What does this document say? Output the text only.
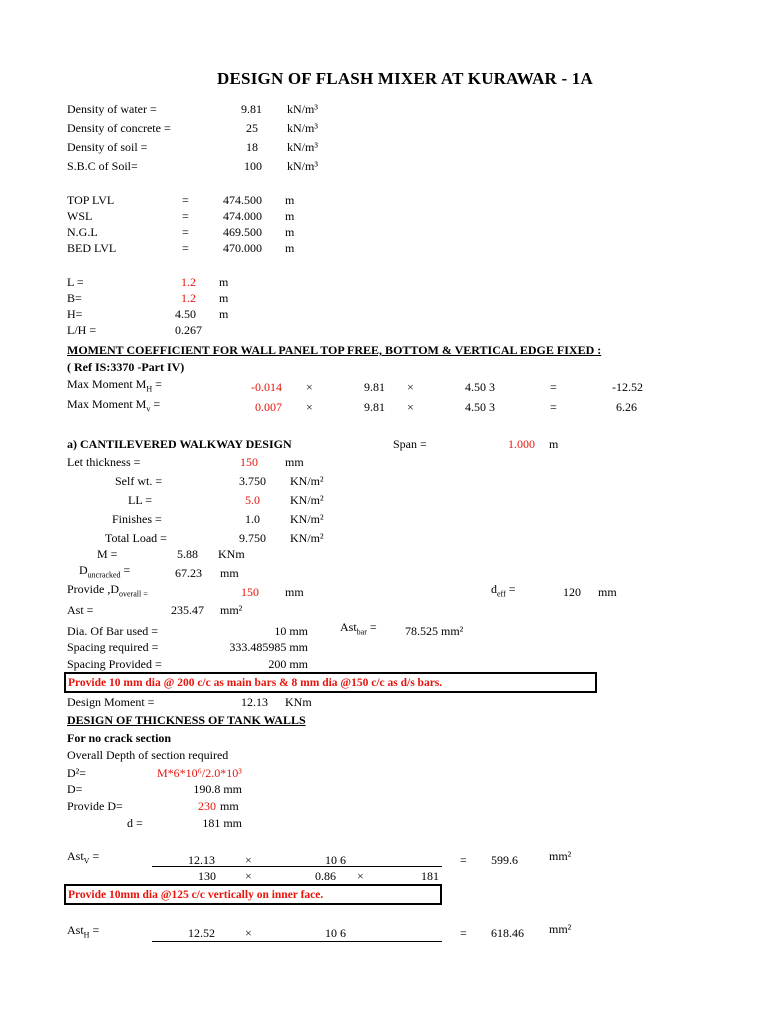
DESIGN OF FLASH MIXER AT KURAWAR - 1A
Density of water =	9.81 kN/m³
Density of concrete =	25 kN/m³
Density of soil =	18 kN/m³
S.B.C of Soil=	100 kN/m³
TOP LVL	=	474.500 m
WSL	=	474.000 m
N.G.L	=	469.500 m
BED LVL	=	470.000 m
L =	1.2 m
B=	1.2 m
H=	4.50 m
L/H =	0.267
MOMENT COEFFICIENT FOR WALL PANEL TOP FREE, BOTTOM & VERTICAL EDGE FIXED :
( Ref IS:3370 -Part IV)
Max Moment $M_H$ =	-0.014 ×	9.81 ×	4.50 3	=	-12.52
Max Moment $M_v$ =	0.007 ×	9.81 ×	4.50 3	=	6.26
a) CANTILEVERED WALKWAY DESIGN	Span =	1.000 m
Let thickness =	150 mm
Self wt. =	3.750 KN/m²
LL =	5.0	KN/m²
Finishes =	1.0	KN/m²
Total Load =	9.750 KN/m²
M =	5.88 KNm
$D_{uncracked}$ =	67.23 mm
Provide $,D_{overall =}$	150 mm	$d_{eff}$ =	120 mm
Ast =	235.47 mm²
Dia. Of Bar used =	10 mm	Ast$_{bar}$ = 78.525 mm²
Spacing required =	333.485985 mm
Spacing Provided =	200 mm
Provide 10 mm dia @ 200 c/c as main bars & 8 mm dia @150 c/c as d/s bars.
Design Moment =	12.13 KNm
DESIGN OF THICKNESS OF TANK WALLS
For no crack section
Overall Depth of section required
D²=	M*6*10⁶/2.0*10³
D=	190.8 mm
Provide D=	230 mm
d =	181 mm
Ast$_V$ =	12.13	×	10 6
130 ×	0.86 ×	181
= 599.6	mm²
Provide 10mm dia @125 c/c vertically on inner face.
Ast$_H$ =	12.52	×	10 6	= 618.46 mm²
